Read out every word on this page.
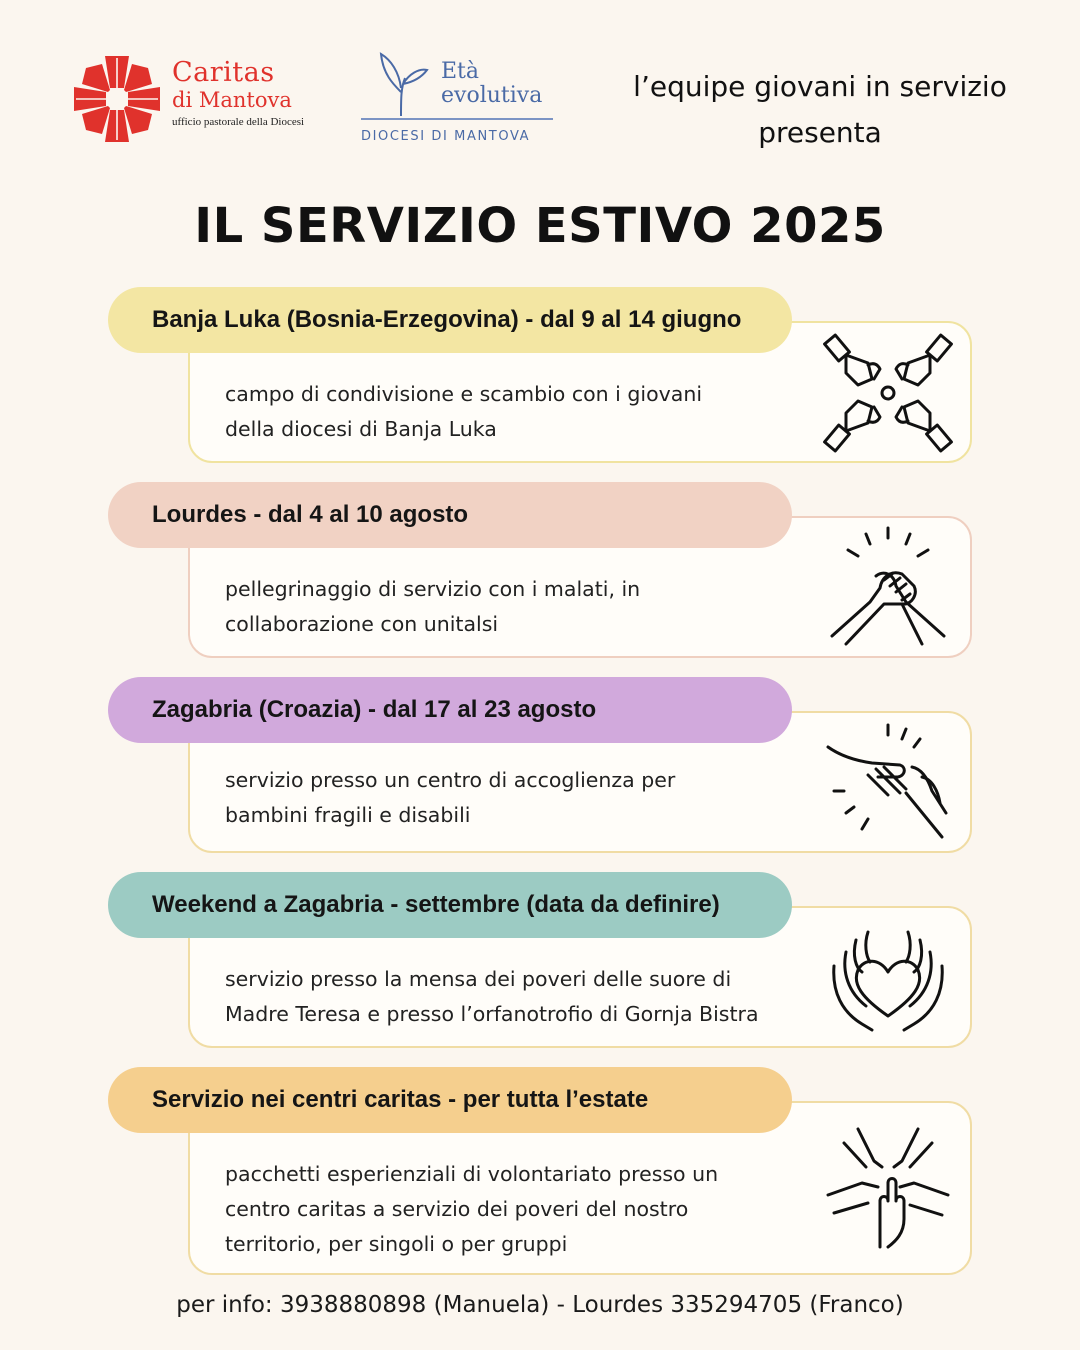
Caritas
di Mantova
ufficio pastorale della Diocesi
Età
evolutiva
DIOCESI DI MANTOVA
l’equipe giovani in servizio
presenta
IL SERVIZIO ESTIVO 2025
Banja Luka (Bosnia-Erzegovina) - dal 9 al 14 giugno
campo di condivisione e scambio con i giovani
della diocesi di Banja Luka
Lourdes - dal 4 al 10 agosto
pellegrinaggio di servizio con i malati, in
collaborazione con unitalsi
Zagabria (Croazia) - dal 17 al 23 agosto
servizio presso un centro di accoglienza per
bambini fragili e disabili
Weekend a Zagabria - settembre (data da definire)
servizio presso la mensa dei poveri delle suore di
Madre Teresa e presso l’orfanotrofio di Gornja Bistra
Servizio nei centri caritas - per tutta l’estate
pacchetti esperienziali di volontariato presso un
centro caritas a servizio dei poveri del nostro
territorio, per singoli o per gruppi
per info: 3938880898 (Manuela) - Lourdes 335294705 (Franco)
